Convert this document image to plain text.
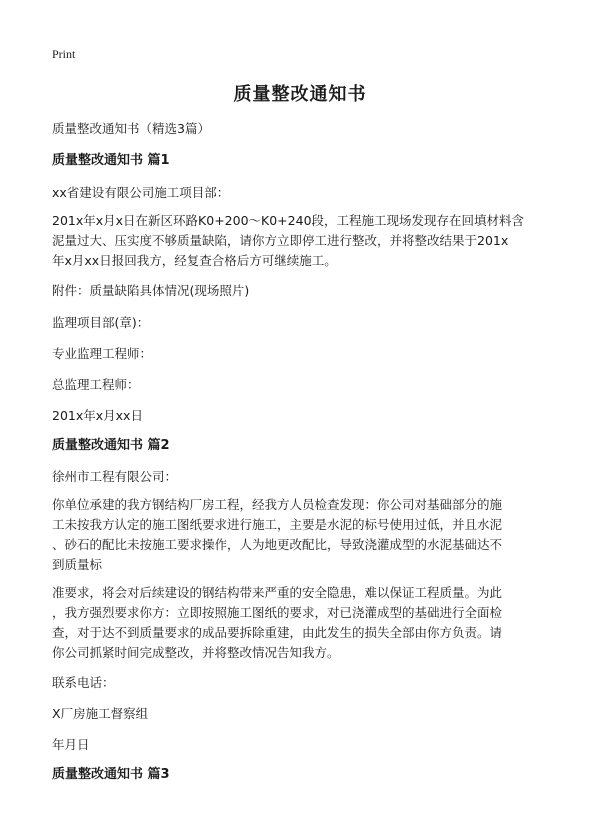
Print
质量整改通知书
质量整改通知书（精选3篇）
质量整改通知书 篇1
xx省建设有限公司施工项目部：
201x年x月x日在新区环路K0+200～K0+240段，工程施工现场发现存在回填材料含
泥量过大、压实度不够质量缺陷，请你方立即停工进行整改，并将整改结果于201x
年x月xx日报回我方，经复查合格后方可继续施工。
附件：质量缺陷具体情况(现场照片)
监理项目部(章)：
专业监理工程师：
总监理工程师：
201x年x月xx日
质量整改通知书 篇2
徐州市工程有限公司：
你单位承建的我方钢结构厂房工程，经我方人员检查发现：你公司对基础部分的施
工未按我方认定的施工图纸要求进行施工，主要是水泥的标号使用过低，并且水泥
、砂石的配比未按施工要求操作，人为地更改配比，导致浇灌成型的水泥基础达不
到质量标
准要求，将会对后续建设的钢结构带来严重的安全隐患，难以保证工程质量。为此
，我方强烈要求你方：立即按照施工图纸的要求，对已浇灌成型的基础进行全面检
查，对于达不到质量要求的成品要拆除重建，由此发生的损失全部由你方负责。请
你公司抓紧时间完成整改，并将整改情况告知我方。
联系电话：
X厂房施工督察组
年月日
质量整改通知书 篇3
